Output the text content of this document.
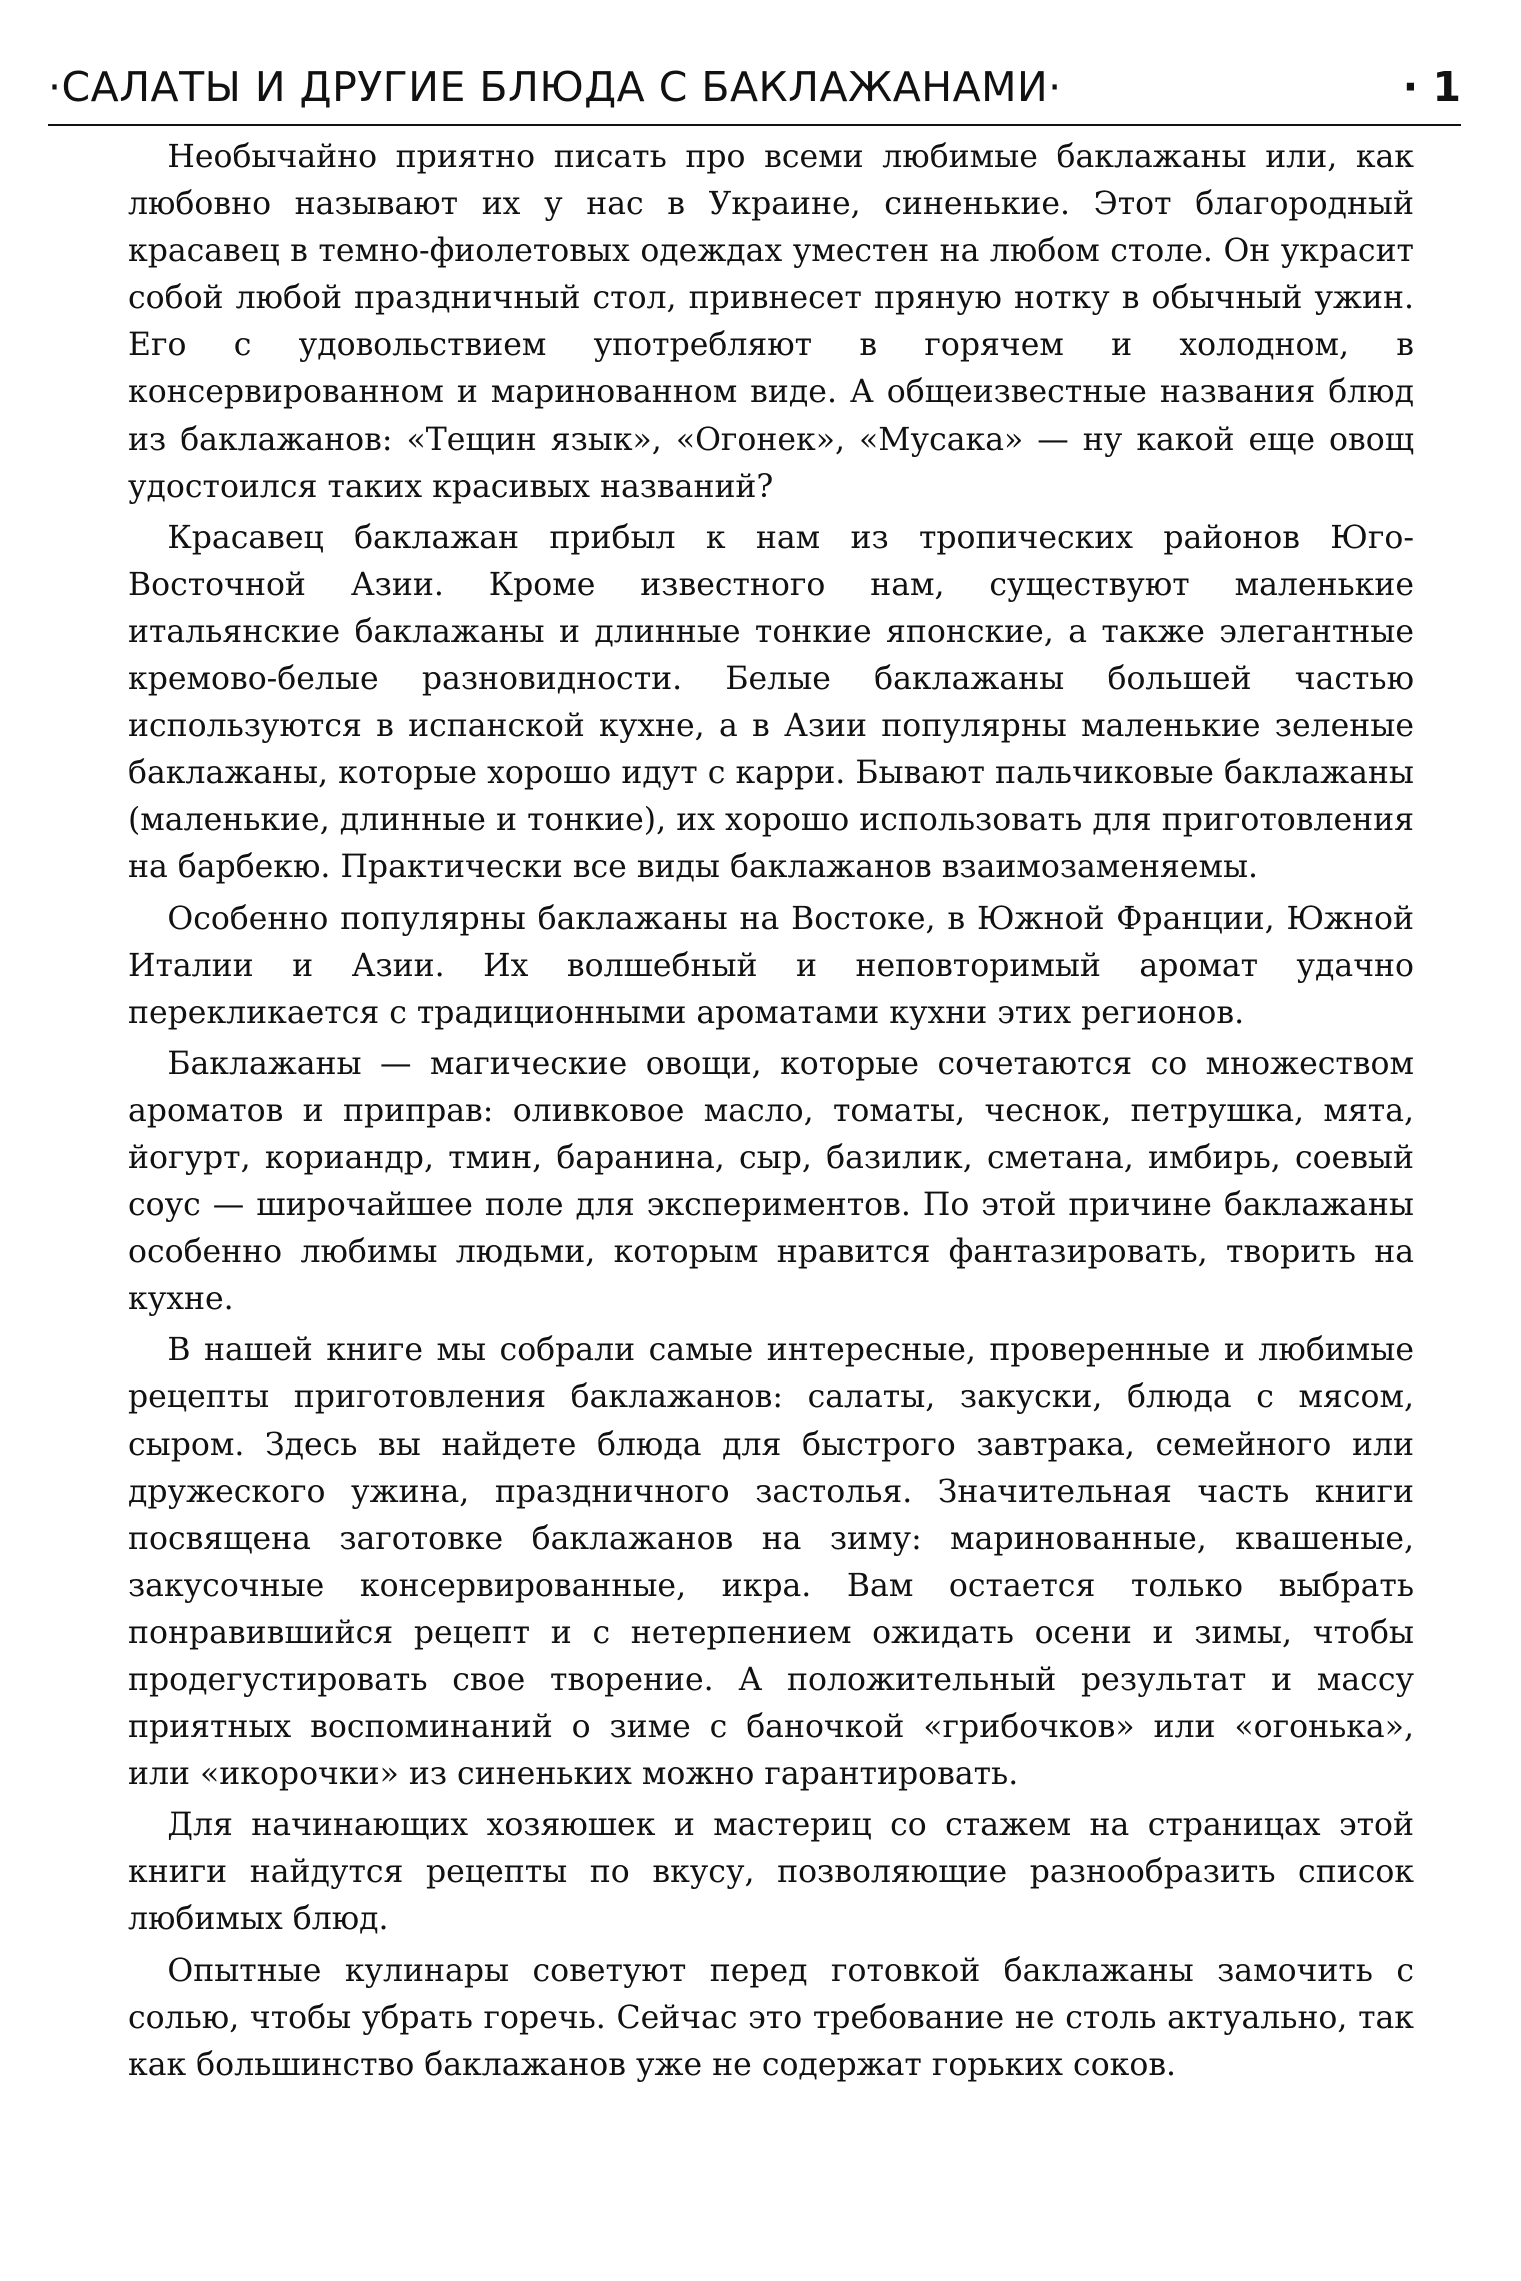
·САЛАТЫ И ДРУГИЕ БЛЮДА С БАКЛАЖАНАМИ·	· 1

Необычайно приятно писать про всеми любимые баклажаны или, как любовно называют их у нас в Украине, синенькие. Этот благородный красавец в темно-фиолетовых одеждах уместен на любом столе. Он украсит собой любой праздничный стол, привнесет пряную нотку в обычный ужин. Его с удовольствием употребляют в горячем и холодном, в консервированном и маринованном виде. А общеизвестные названия блюд из баклажанов: «Тещин язык», «Огонек», «Мусака» — ну какой еще овощ удостоился таких красивых названий?

Красавец баклажан прибыл к нам из тропических районов Юго-Восточной Азии. Кроме известного нам, существуют маленькие итальянские баклажаны и длинные тонкие японские, а также элегантные кремово-белые разновидности. Белые баклажаны большей частью используются в испанской кухне, а в Азии популярны маленькие зеленые баклажаны, которые хорошо идут с карри. Бывают пальчиковые баклажаны (маленькие, длинные и тонкие), их хорошо использовать для приготовления на барбекю. Практически все виды баклажанов взаимозаменяемы.

Особенно популярны баклажаны на Востоке, в Южной Франции, Южной Италии и Азии. Их волшебный и неповторимый аромат удачно перекликается с традиционными ароматами кухни этих регионов.

Баклажаны — магические овощи, которые сочетаются со множеством ароматов и приправ: оливковое масло, томаты, чеснок, петрушка, мята, йогурт, кориандр, тмин, баранина, сыр, базилик, сметана, имбирь, соевый соус — широчайшее поле для экспериментов. По этой причине баклажаны особенно любимы людьми, которым нравится фантазировать, творить на кухне.

В нашей книге мы собрали самые интересные, проверенные и любимые рецепты приготовления баклажанов: салаты, закуски, блюда с мясом, сыром. Здесь вы найдете блюда для быстрого завтрака, семейного или дружеского ужина, праздничного застолья. Значительная часть книги посвящена заготовке баклажанов на зиму: маринованные, квашеные, закусочные консервированные, икра. Вам остается только выбрать понравившийся рецепт и с нетерпением ожидать осени и зимы, чтобы продегустировать свое творение. А положительный результат и массу приятных воспоминаний о зиме с баночкой «грибочков» или «огонька», или «икорочки» из синеньких можно гарантировать.

Для начинающих хозяюшек и мастериц со стажем на страницах этой книги найдутся рецепты по вкусу, позволяющие разнообразить список любимых блюд.

Опытные кулинары советуют перед готовкой баклажаны замочить с солью, чтобы убрать горечь. Сейчас это требование не столь актуально, так как большинство баклажанов уже не содержат горьких соков.
